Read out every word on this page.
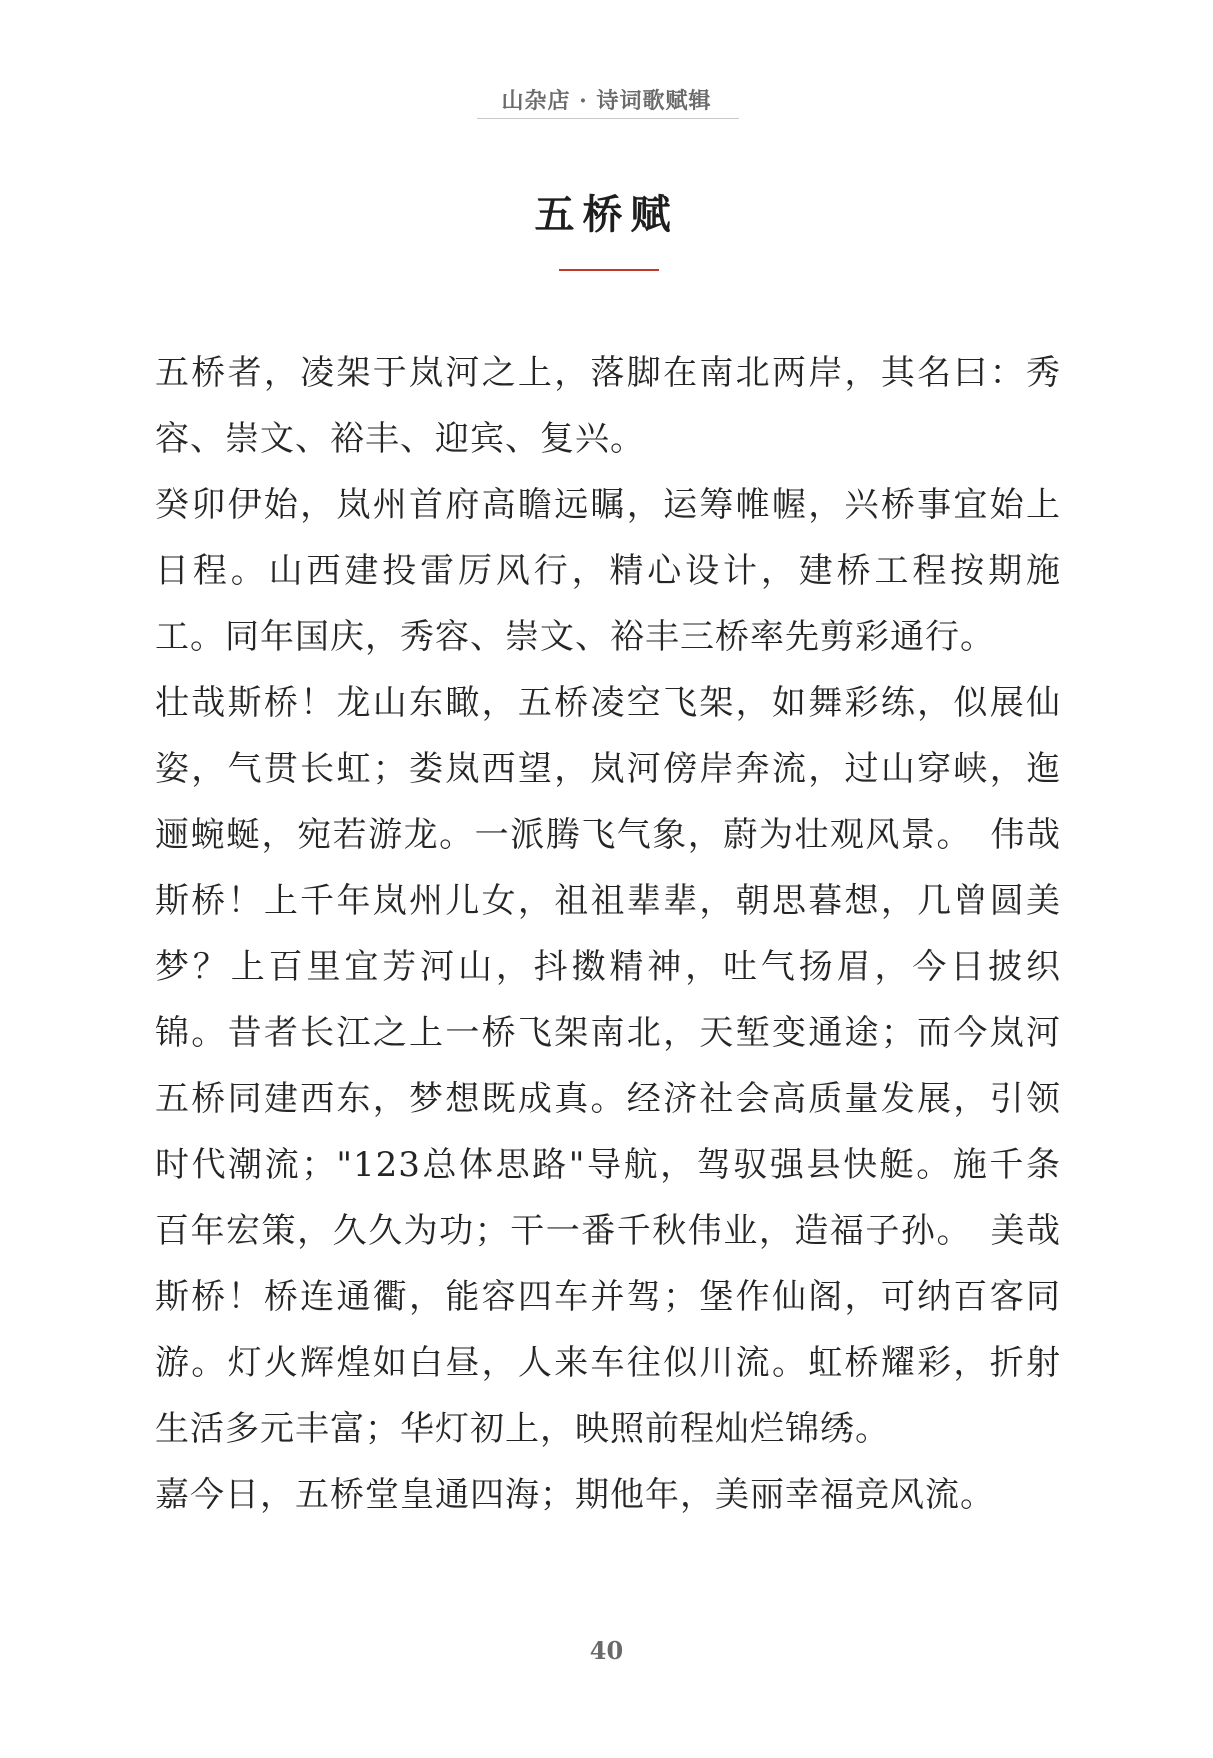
山杂店 · 诗词歌赋辑
五桥赋

五桥者，凌架于岚河之上，落脚在南北两岸，其名曰：秀容、崇文、裕丰、迎宾、复兴。

癸卯伊始，岚州首府高瞻远瞩，运筹帷幄，兴桥事宜始上日程。山西建投雷厉风行，精心设计，建桥工程按期施工。同年国庆，秀容、崇文、裕丰三桥率先剪彩通行。

壮哉斯桥！龙山东瞰，五桥凌空飞架，如舞彩练，似展仙姿，气贯长虹；娄岚西望，岚河傍岸奔流，过山穿峡，迤逦蜿蜒，宛若游龙。一派腾飞气象，蔚为壮观风景。　伟哉斯桥！上千年岚州儿女，祖祖辈辈，朝思暮想，几曾圆美梦？上百里宜芳河山，抖擞精神，吐气扬眉，今日披织锦。昔者长江之上一桥飞架南北，天堑变通途；而今岚河五桥同建西东，梦想既成真。经济社会高质量发展，引领时代潮流；"123总体思路"导航，驾驭强县快艇。施千条百年宏策，久久为功；干一番千秋伟业，造福子孙。　美哉斯桥！桥连通衢，能容四车并驾；堡作仙阁，可纳百客同游。灯火辉煌如白昼，人来车往似川流。虹桥耀彩，折射生活多元丰富；华灯初上，映照前程灿烂锦绣。

嘉今日，五桥堂皇通四海；期他年，美丽幸福竞风流。

40
